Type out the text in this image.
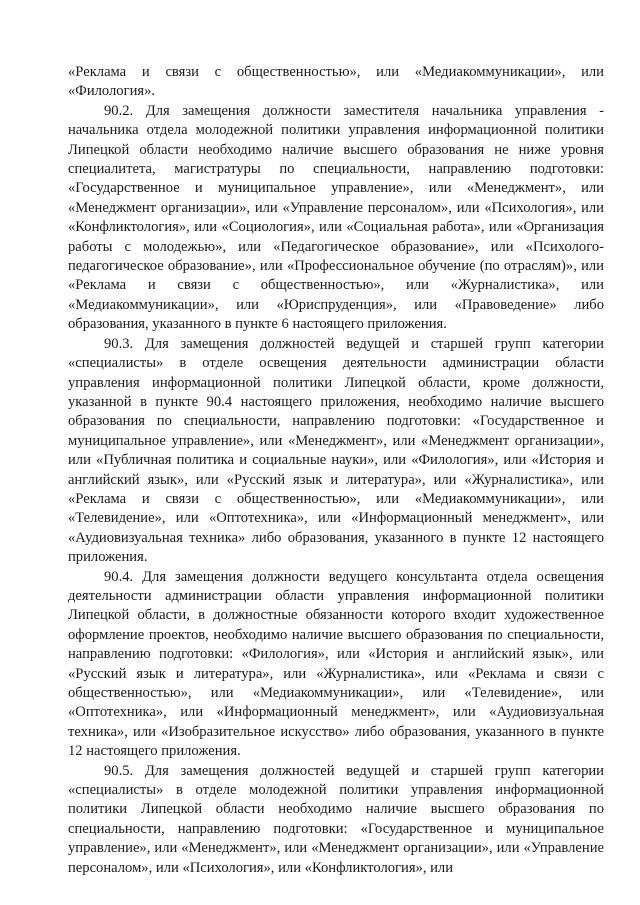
«Реклама и связи с общественностью», или «Медиакоммуникации», или «Филология».

90.2. Для замещения должности заместителя начальника управления - начальника отдела молодежной политики управления информационной политики Липецкой области необходимо наличие высшего образования не ниже уровня специалитета, магистратуры по специальности, направлению подготовки: «Государственное и муниципальное управление», или «Менеджмент», или «Менеджмент организации», или «Управление персоналом», или «Психология», или «Конфликтология», или «Социология», или «Социальная работа», или «Организация работы с молодежью», или «Педагогическое образование», или «Психолого-педагогическое образование», или «Профессиональное обучение (по отраслям)», или «Реклама и связи с общественностью», или «Журналистика», или «Медиакоммуникации», или «Юриспруденция», или «Правоведение» либо образования, указанного в пункте 6 настоящего приложения.

90.3. Для замещения должностей ведущей и старшей групп категории «специалисты» в отделе освещения деятельности администрации области управления информационной политики Липецкой области, кроме должности, указанной в пункте 90.4 настоящего приложения, необходимо наличие высшего образования по специальности, направлению подготовки: «Государственное и муниципальное управление», или «Менеджмент», или «Менеджмент организации», или «Публичная политика и социальные науки», или «Филология», или «История и английский язык», или «Русский язык и литература», или «Журналистика», или «Реклама и связи с общественностью», или «Медиакоммуникации», или «Телевидение», или «Оптотехника», или «Информационный менеджмент», или «Аудиовизуальная техника» либо образования, указанного в пункте 12 настоящего приложения.

90.4. Для замещения должности ведущего консультанта отдела освещения деятельности администрации области управления информационной политики Липецкой области, в должностные обязанности которого входит художественное оформление проектов, необходимо наличие высшего образования по специальности, направлению подготовки: «Филология», или «История и английский язык», или «Русский язык и литература», или «Журналистика», или «Реклама и связи с общественностью», или «Медиакоммуникации», или «Телевидение», или «Оптотехника», или «Информационный менеджмент», или «Аудиовизуальная техника», или «Изобразительное искусство» либо образования, указанного в пункте 12 настоящего приложения.

90.5. Для замещения должностей ведущей и старшей групп категории «специалисты» в отделе молодежной политики управления информационной политики Липецкой области необходимо наличие высшего образования по специальности, направлению подготовки: «Государственное и муниципальное управление», или «Менеджмент», или «Менеджмент организации», или «Управление персоналом», или «Психология», или «Конфликтология», или
